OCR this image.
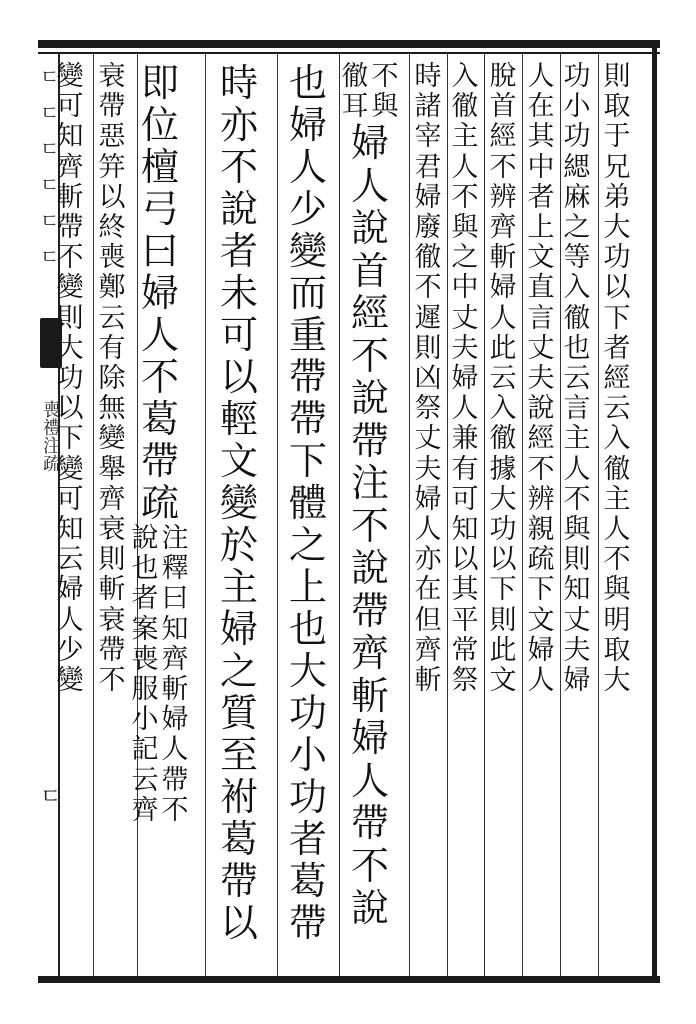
ㄷ
ㄷ
ㄷ
ㄷ
ㄷ
ㄷ
喪禮注疏
ㄷ
則
取
于
兄
弟
大
功
以
下
者
經
云
入
徹
主
人
不
與
明
取
大
功
小
功
緦
麻
之
等
入
徹
也
云
言
主
人
不
與
則
知
丈
夫
婦
人
在
其
中
者
上
文
直
言
丈
夫
說
經
不
辨
親
疏
下
文
婦
人
脫
首
經
不
辨
齊
斬
婦
人
此
云
入
徹
據
大
功
以
下
則
此
文
入
徹
主
人
不
與
之
中
丈
夫
婦
人
兼
有
可
知
以
其
平
常
祭
時
諸
宰
君
婦
廢
徹
不
遲
則
凶
祭
丈
夫
婦
人
亦
在
但
齊
斬
不
與
徹
耳
婦
人
說
首
經
不
說
帶
注
不
說
帶
齊
斬
婦
人
帶
不
說
也
婦
人
少
變
而
重
帶
帶
下
體
之
上
也
大
功
小
功
者
葛
帶
時
亦
不
說
者
未
可
以
輕
文
變
於
主
婦
之
質
至
袝
葛
帶
以
即
位
檀
弓
曰
婦
人
不
葛
帶
疏
注
釋
曰
知
齊
斬
婦
人
帶
不
說
也
者
案
喪
服
小
記
云
齊
衰
帶
惡
笄
以
終
喪
鄭
云
有
除
無
變
舉
齊
衰
則
斬
衰
帶
不
變
可
知
齊
斬
帶
不
變
則
大
功
以
下
變
可
知
云
婦
人
少
變
